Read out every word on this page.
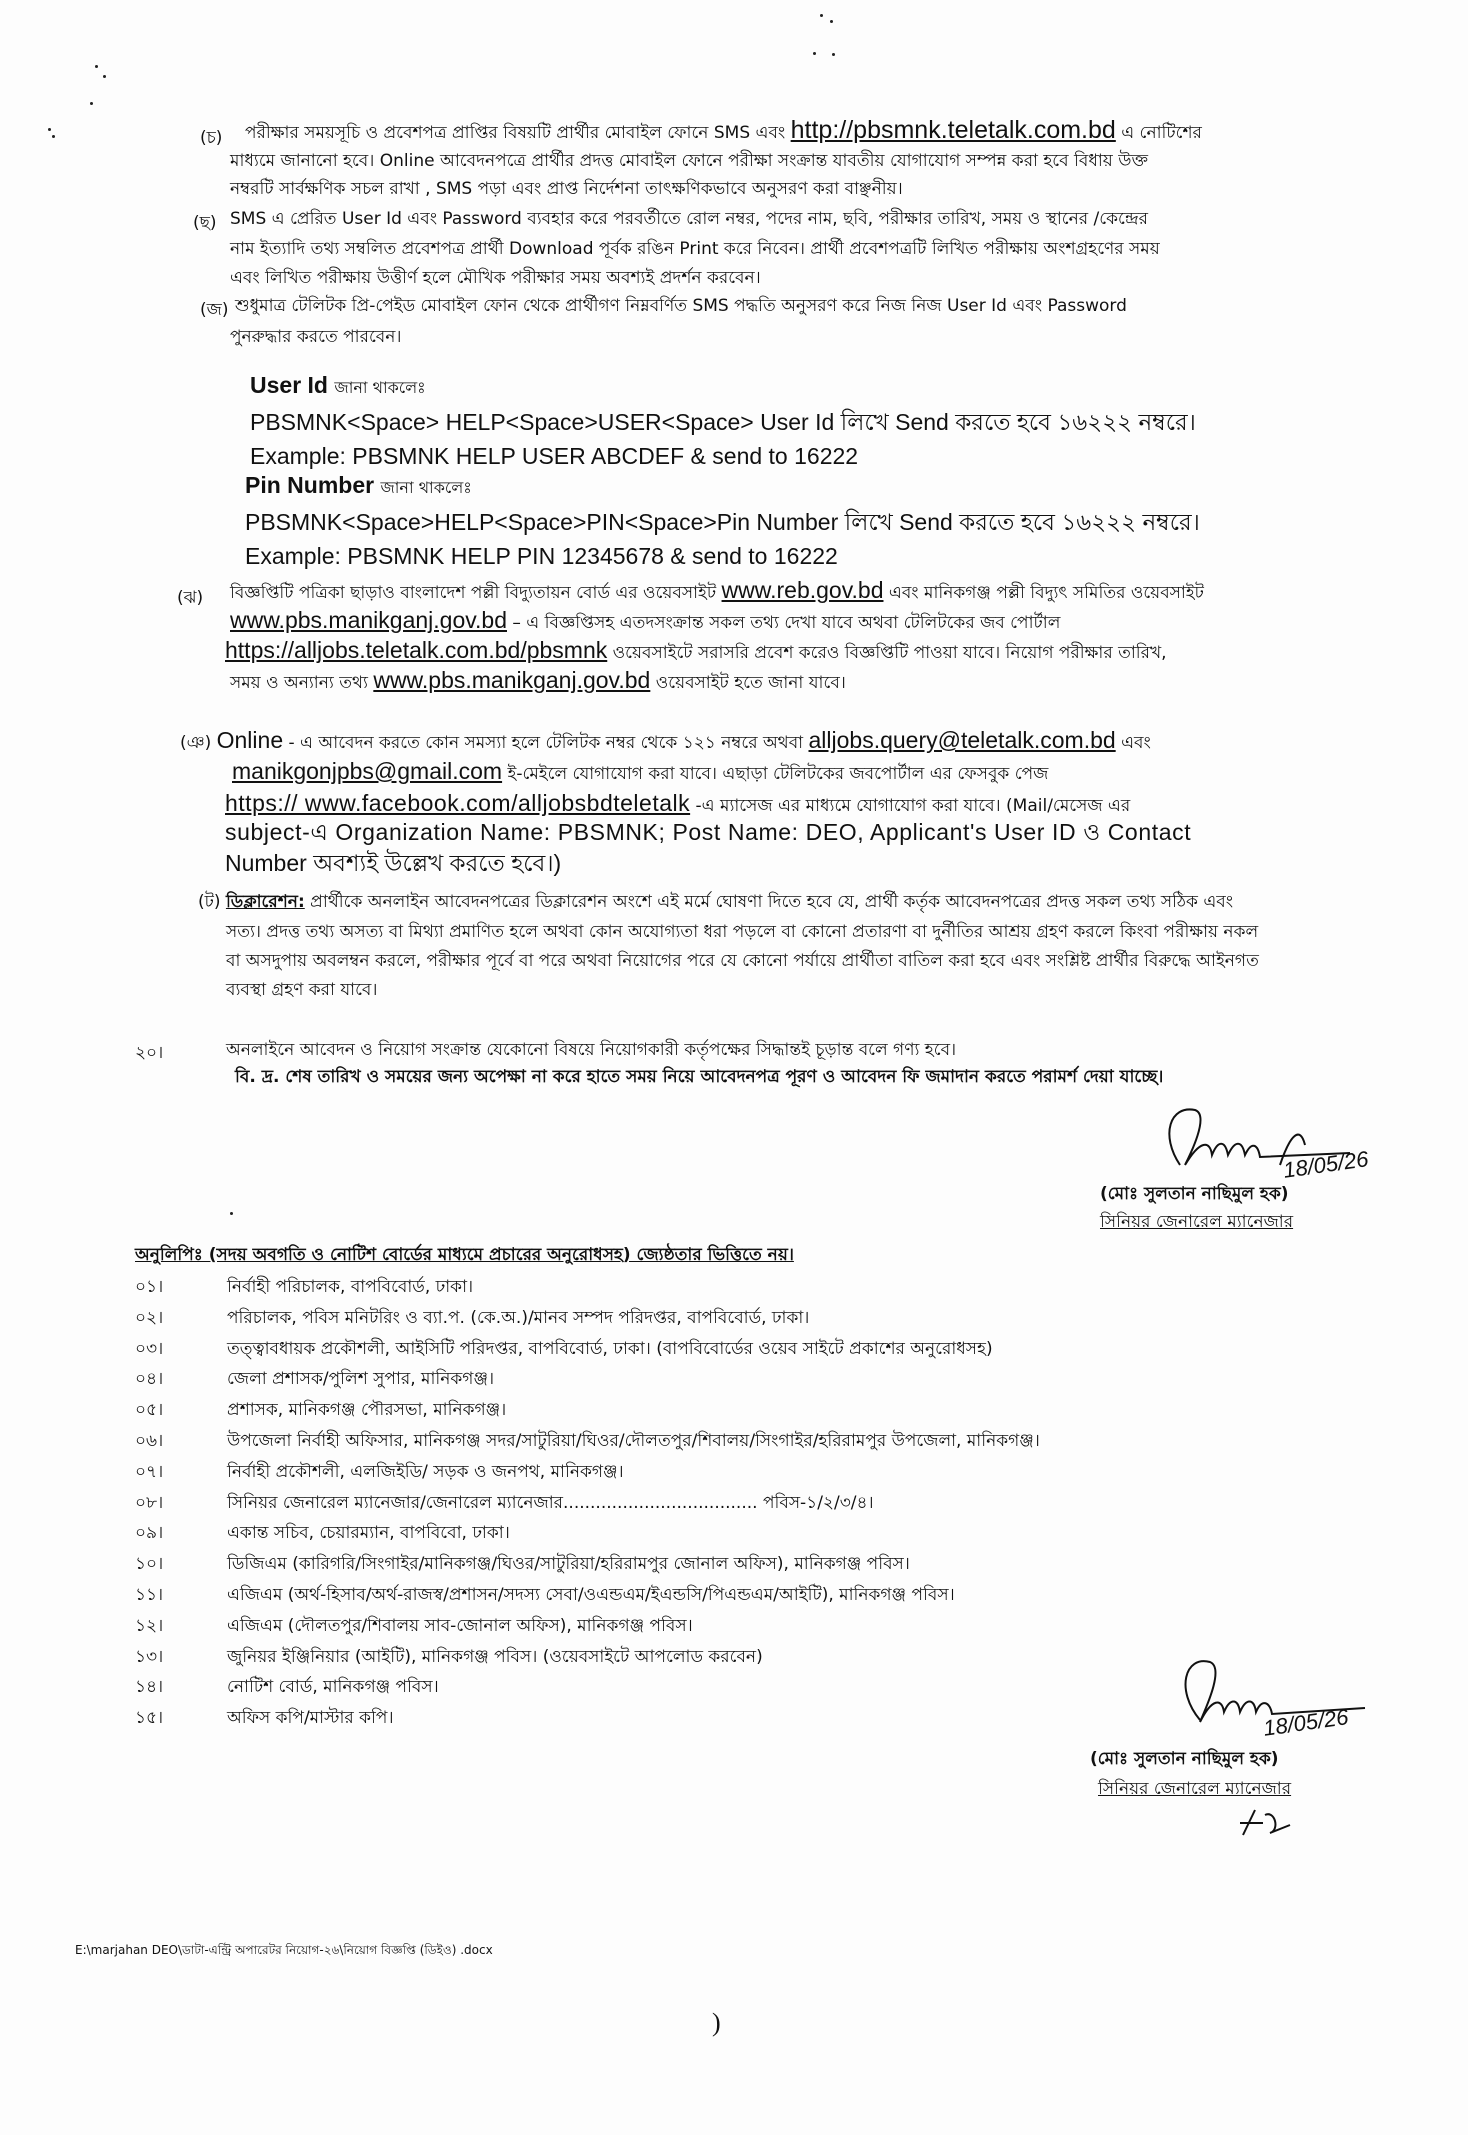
(চ) পরীক্ষার সময়সূচি ও প্রবেশপত্র প্রাপ্তির বিষয়টি প্রার্থীর মোবাইল ফোনে SMS এবং http://pbsmnk.teletalk.com.bd এ নোটিশের
মাধ্যমে জানানো হবে। Online আবেদনপত্রে প্রার্থীর প্রদত্ত মোবাইল ফোনে পরীক্ষা সংক্রান্ত যাবতীয় যোগাযোগ সম্পন্ন করা হবে বিধায় উক্ত
নম্বরটি সার্বক্ষণিক সচল রাখা , SMS পড়া এবং প্রাপ্ত নির্দেশনা তাৎক্ষণিকভাবে অনুসরণ করা বাঞ্ছনীয়।
(ছ) SMS এ প্রেরিত User Id এবং Password ব্যবহার করে পরবর্তীতে রোল নম্বর, পদের নাম, ছবি, পরীক্ষার তারিখ, সময় ও স্থানের /কেন্দ্রের
নাম ইত্যাদি তথ্য সম্বলিত প্রবেশপত্র প্রার্থী Download পূর্বক রঙিন Print করে নিবেন। প্রার্থী প্রবেশপত্রটি লিখিত পরীক্ষায় অংশগ্রহণের সময়
এবং লিখিত পরীক্ষায় উত্তীর্ণ হলে মৌখিক পরীক্ষার সময় অবশ্যই প্রদর্শন করবেন।
(জ) শুধুমাত্র টেলিটক প্রি-পেইড মোবাইল ফোন থেকে প্রার্থীগণ নিম্নবর্ণিত SMS পদ্ধতি অনুসরণ করে নিজ নিজ User Id এবং Password
পুনরুদ্ধার করতে পারবেন।
User Id জানা থাকলেঃ
PBSMNK<Space> HELP<Space>USER<Space> User Id লিখে Send করতে হবে ১৬২২২ নম্বরে।
Example: PBSMNK HELP USER ABCDEF & send to 16222
Pin Number জানা থাকলেঃ
PBSMNK<Space>HELP<Space>PIN<Space>Pin Number লিখে Send করতে হবে ১৬২২২ নম্বরে।
Example: PBSMNK HELP PIN 12345678 & send to 16222
(ঝ) বিজ্ঞপ্তিটি পত্রিকা ছাড়াও বাংলাদেশ পল্লী বিদ্যুতায়ন বোর্ড এর ওয়েবসাইট www.reb.gov.bd এবং মানিকগঞ্জ পল্লী বিদ্যুৎ সমিতির ওয়েবসাইট
www.pbs.manikganj.gov.bd – এ বিজ্ঞপ্তিসহ এতদসংক্রান্ত সকল তথ্য দেখা যাবে অথবা টেলিটকের জব পোর্টাল
https://alljobs.teletalk.com.bd/pbsmnk ওয়েবসাইটে সরাসরি প্রবেশ করেও বিজ্ঞপ্তিটি পাওয়া যাবে। নিয়োগ পরীক্ষার তারিখ,
সময় ও অন্যান্য তথ্য www.pbs.manikganj.gov.bd ওয়েবসাইট হতে জানা যাবে।
(ঞ) Online - এ আবেদন করতে কোন সমস্যা হলে টেলিটক নম্বর থেকে ১২১ নম্বরে অথবা alljobs.query@teletalk.com.bd এবং
manikgonjpbs@gmail.com ই-মেইলে যোগাযোগ করা যাবে। এছাড়া টেলিটকের জবপোর্টাল এর ফেসবুক পেজ
https:// www.facebook.com/alljobsbdteletalk -এ ম্যাসেজ এর মাধ্যমে যোগাযোগ করা যাবে। (Mail/মেসেজ এর
subject-এ Organization Name: PBSMNK; Post Name: DEO, Applicant's User ID ও Contact
Number অবশ্যই উল্লেখ করতে হবে।)
(ট) ডিক্লারেশন: প্রার্থীকে অনলাইন আবেদনপত্রের ডিক্লারেশন অংশে এই মর্মে ঘোষণা দিতে হবে যে, প্রার্থী কর্তৃক আবেদনপত্রের প্রদত্ত সকল তথ্য সঠিক এবং
সত্য। প্রদত্ত তথ্য অসত্য বা মিথ্যা প্রমাণিত হলে অথবা কোন অযোগ্যতা ধরা পড়লে বা কোনো প্রতারণা বা দুর্নীতির আশ্রয় গ্রহণ করলে কিংবা পরীক্ষায় নকল
বা অসদুপায় অবলম্বন করলে, পরীক্ষার পূর্বে বা পরে অথবা নিয়োগের পরে যে কোনো পর্যায়ে প্রার্থীতা বাতিল করা হবে এবং সংশ্লিষ্ট প্রার্থীর বিরুদ্ধে আইনগত
ব্যবস্থা গ্রহণ করা যাবে।
২০।	অনলাইনে আবেদন ও নিয়োগ সংক্রান্ত যেকোনো বিষয়ে নিয়োগকারী কর্তৃপক্ষের সিদ্ধান্তই চূড়ান্ত বলে গণ্য হবে।
বি. দ্র. শেষ তারিখ ও সময়ের জন্য অপেক্ষা না করে হাতে সময় নিয়ে আবেদনপত্র পূরণ ও আবেদন ফি জমাদান করতে পরামর্শ দেয়া যাচ্ছে।
18/05/26
(মোঃ সুলতান নাছিমুল হক)
সিনিয়র জেনারেল ম্যানেজার
অনুলিপিঃ (সদয় অবগতি ও নোটিশ বোর্ডের মাধ্যমে প্রচারের অনুরোধসহ) জ্যেষ্ঠতার ভিত্তিতে নয়।
০১।	নির্বাহী পরিচালক, বাপবিবোর্ড, ঢাকা।
০২।	পরিচালক, পবিস মনিটরিং ও ব্যা.প. (কে.অ.)/মানব সম্পদ পরিদপ্তর, বাপবিবোর্ড, ঢাকা।
০৩।	তত্ত্বাবধায়ক প্রকৌশলী, আইসিটি পরিদপ্তর, বাপবিবোর্ড, ঢাকা। (বাপবিবোর্ডের ওয়েব সাইটে প্রকাশের অনুরোধসহ)
০৪।	জেলা প্রশাসক/পুলিশ সুপার, মানিকগঞ্জ।
০৫।	প্রশাসক, মানিকগঞ্জ পৌরসভা, মানিকগঞ্জ।
০৬।	উপজেলা নির্বাহী অফিসার, মানিকগঞ্জ সদর/সাটুরিয়া/ঘিওর/দৌলতপুর/শিবালয়/সিংগাইর/হরিরামপুর উপজেলা, মানিকগঞ্জ।
০৭।	নির্বাহী প্রকৌশলী, এলজিইডি/ সড়ক ও জনপথ, মানিকগঞ্জ।
০৮।	সিনিয়র জেনারেল ম্যানেজার/জেনারেল ম্যানেজার.................................... পবিস-১/২/৩/৪।
০৯।	একান্ত সচিব, চেয়ারম্যান, বাপবিবো, ঢাকা।
১০।	ডিজিএম (কারিগরি/সিংগাইর/মানিকগঞ্জ/ঘিওর/সাটুরিয়া/হরিরামপুর জোনাল অফিস), মানিকগঞ্জ পবিস।
১১।	এজিএম (অর্থ-হিসাব/অর্থ-রাজস্ব/প্রশাসন/সদস্য সেবা/ওএন্ডএম/ইএন্ডসি/পিএন্ডএম/আইটি), মানিকগঞ্জ পবিস।
১২।	এজিএম (দৌলতপুর/শিবালয় সাব-জোনাল অফিস), মানিকগঞ্জ পবিস।
১৩।	জুনিয়র ইঞ্জিনিয়ার (আইটি), মানিকগঞ্জ পবিস। (ওয়েবসাইটে আপলোড করবেন)
১৪।	নোটিশ বোর্ড, মানিকগঞ্জ পবিস।
১৫।	অফিস কপি/মাস্টার কপি।	18/05/26
(মোঃ সুলতান নাছিমুল হক)
সিনিয়র জেনারেল ম্যানেজার
E:\marjahan DEO\ডাটা-এন্ট্রি অপারেটর নিয়োগ-২৬\নিয়োগ বিজ্ঞপ্তি (ডিইও) .docx
)
